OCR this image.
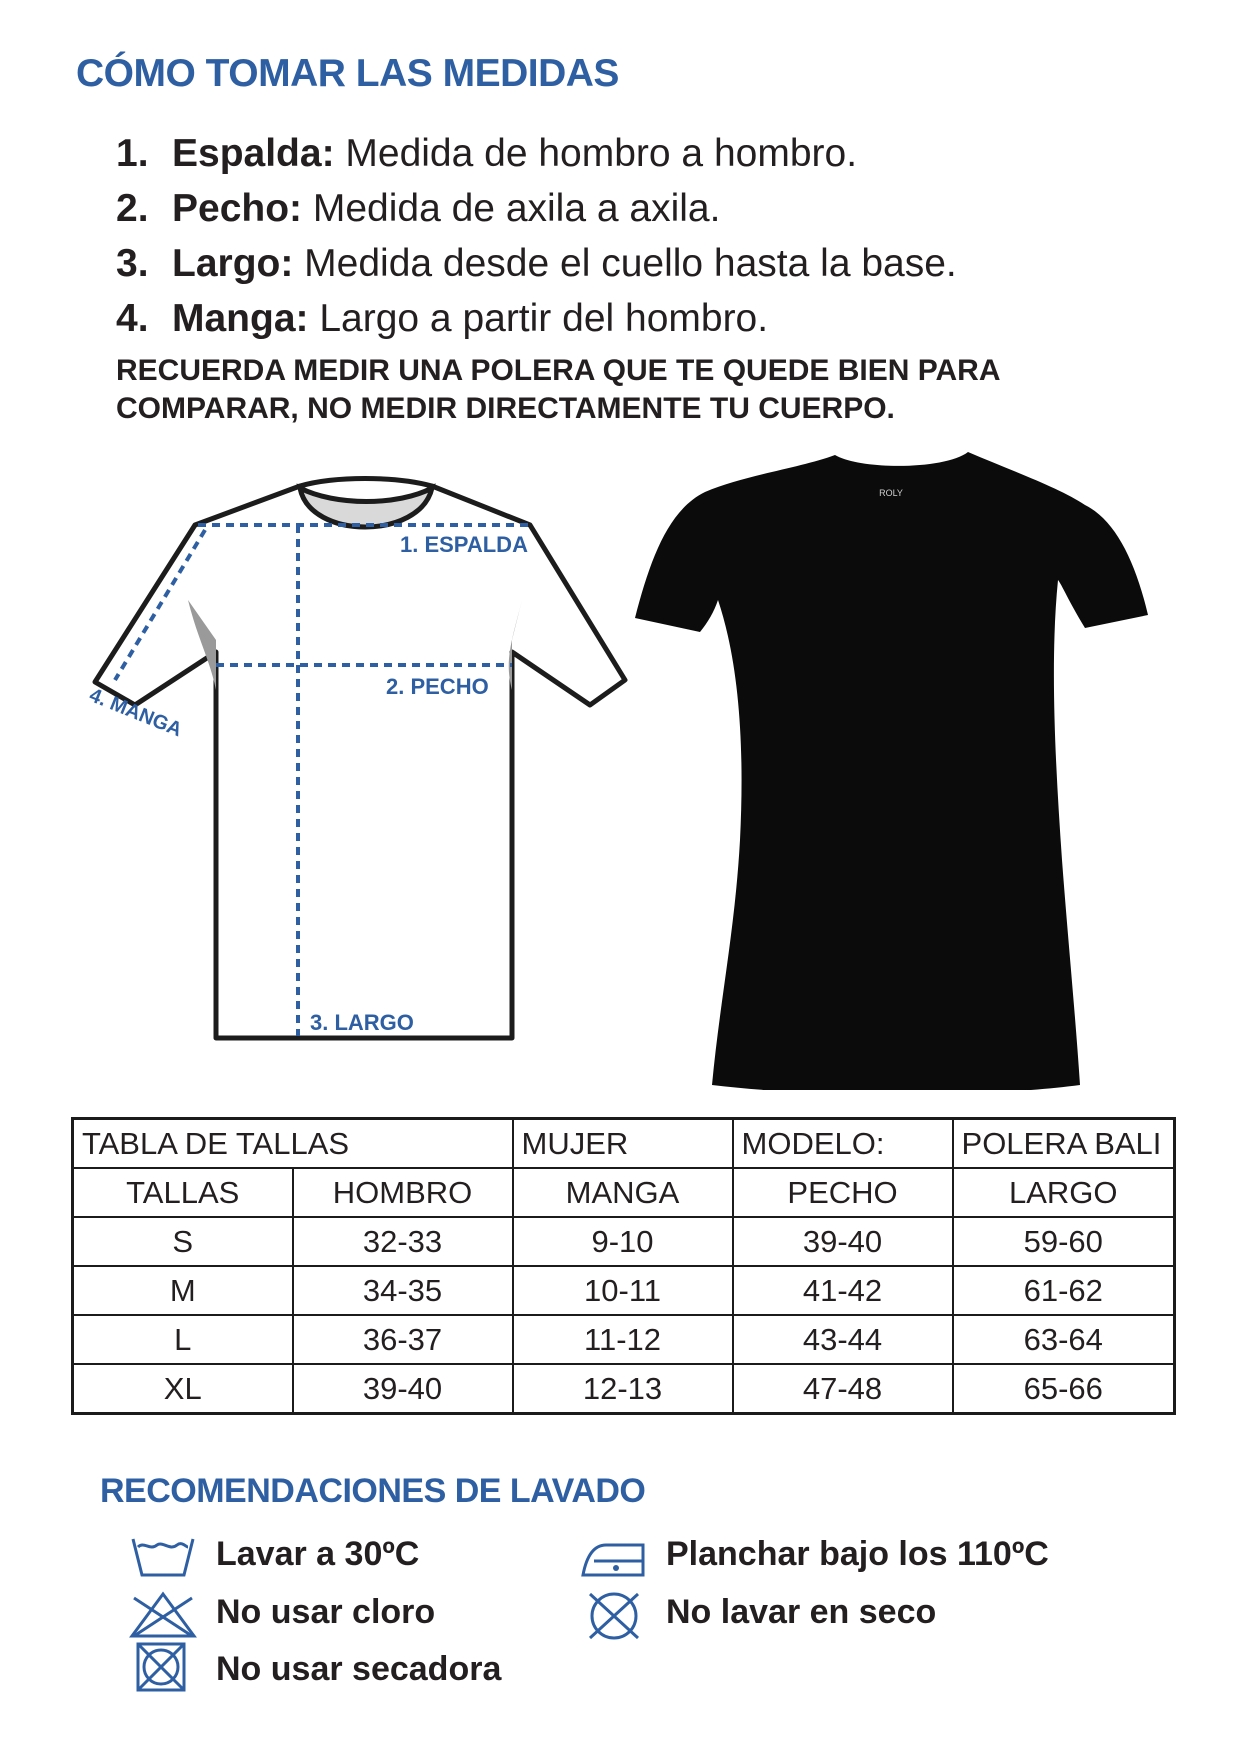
CÓMO TOMAR LAS MEDIDAS
1. Espalda: Medida de hombro a hombro.
2. Pecho: Medida de axila a axila.
3. Largo: Medida desde el cuello hasta la base.
4. Manga: Largo a partir del hombro.
RECUERDA MEDIR UNA POLERA QUE TE QUEDE BIEN PARA
COMPARAR, NO MEDIR DIRECTAMENTE TU CUERPO.
1. ESPALDA
2. PECHO
3. LARGO
4. MANGA
ROLY
TABLA DE TALLAS		MUJER	MODELO:	POLERA BALI
TALLAS	HOMBRO	MANGA	PECHO	LARGO
S	32-33	9-10	39-40	59-60
M	34-35	10-11	41-42	61-62
L	36-37	11-12	43-44	63-64
XL	39-40	12-13	47-48	65-66
RECOMENDACIONES DE LAVADO
Lavar a 30ºC
No usar cloro
No usar secadora
Planchar bajo los 110ºC
No lavar en seco
